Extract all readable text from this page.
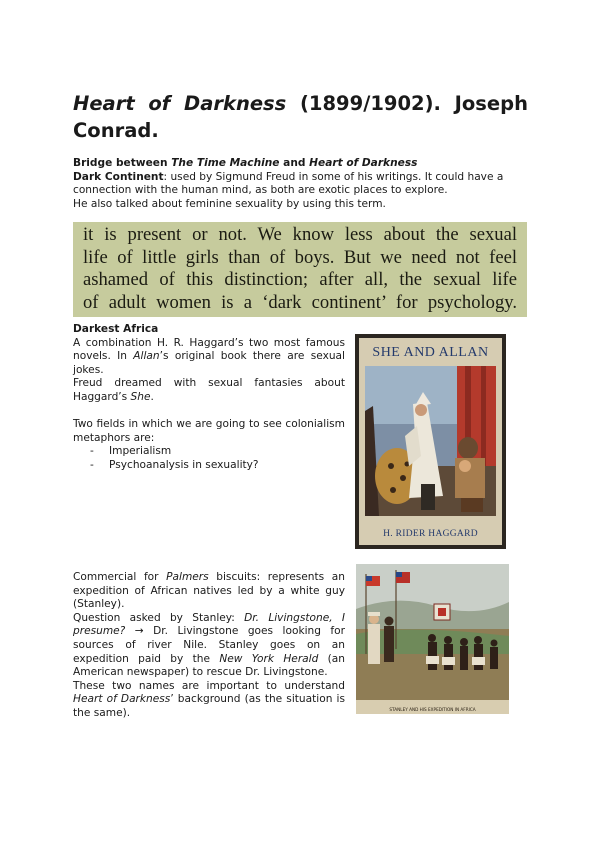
Heart of Darkness (1899/1902). Joseph Conrad.

Bridge between The Time Machine and Heart of Darkness

Dark Continent: used by Sigmund Freud in some of his writings. It could have a connection with the human mind, as both are exotic places to explore.

He also talked about feminine sexuality by using this term.

it is present or not. We know less about the sexual
life of little girls than of boys. But we need not feel
ashamed of this distinction; after all, the sexual life
of adult women is a ‘dark continent’ for psychology.

Darkest Africa

A combination H. R. Haggard’s two most famous novels. In Allan’s original book there are sexual jokes.

Freud dreamed with sexual fantasies about Haggard’s She.

Two fields in which we are going to see colonialism metaphors are:

- Imperialism
- Psychoanalysis in sexuality?
SHE AND ALLAN
H. RIDER HAGGARD

Commercial for Palmers biscuits: represents an expedition of African natives led by a white guy (Stanley).

Question asked by Stanley: Dr. Livingstone, I presume? → Dr. Livingstone goes looking for sources of river Nile. Stanley goes on an expedition paid by the New York Herald (an American newspaper) to rescue Dr. Livingstone.

These two names are important to understand Heart of Darkness’ background (as the situation is the same).	STANLEY AND HIS EXPEDITION IN AFRICA
